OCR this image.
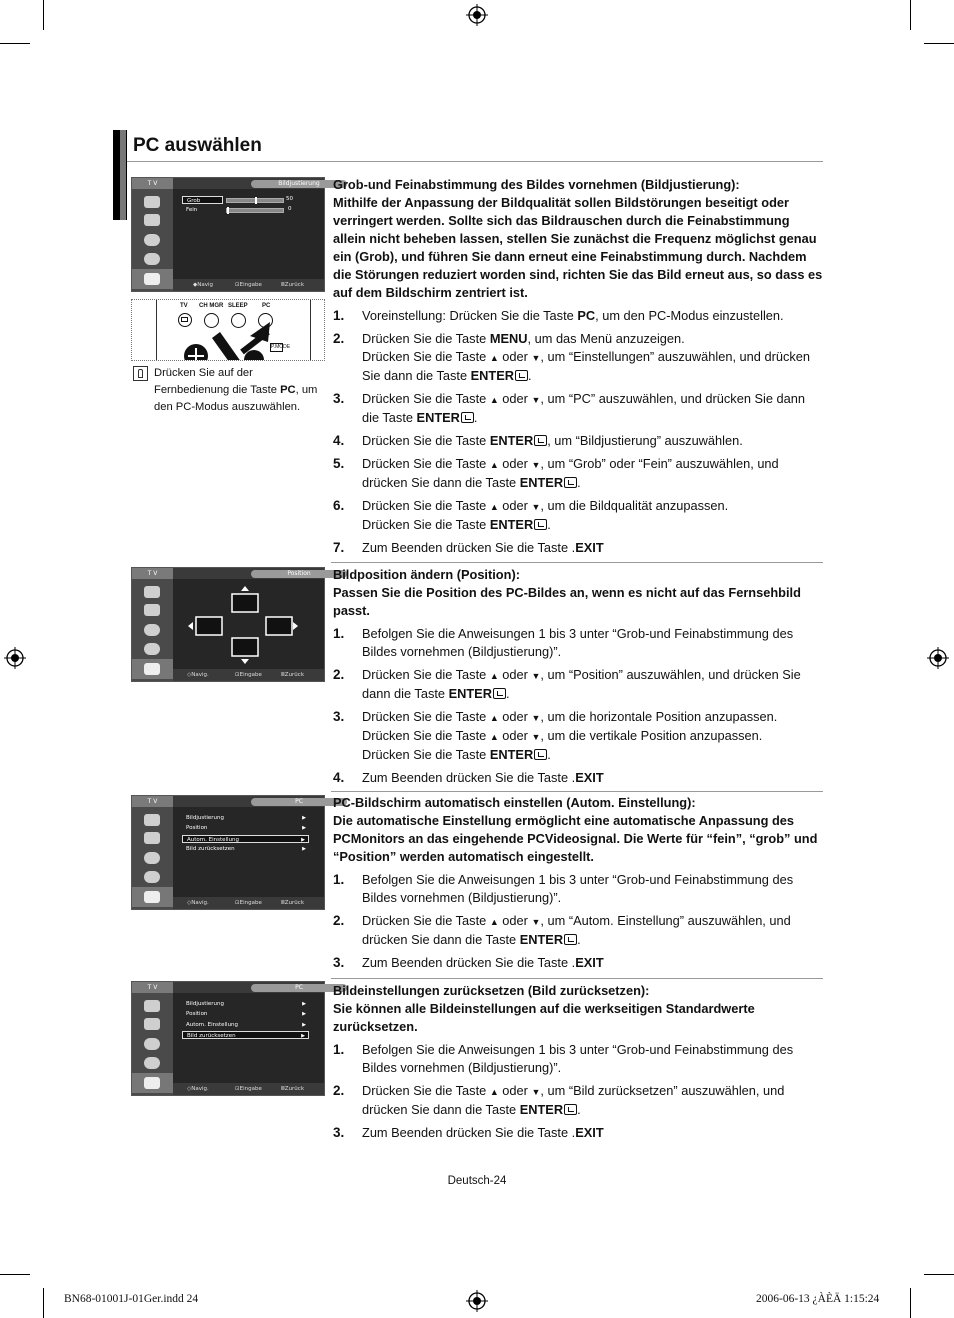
PC auswählen
T V	Bildjustierung
Grob	50
Fein	0
◆ Navig	⊡ Eingabe	Ⅲ Zurück
TV CH MGR SLEEP PC
P.MODE
Drücken Sie auf der Fernbedienung die Taste PC, um den PC-Modus auszuwählen.
T V	Position
◇ Navig.	⊡ Eingabe	Ⅲ Zurück
T V	PC
Bildjustierung	▶
Position	▶
Autom. Einstellung	▶
Bild zurücksetzen	▶
◇ Navig.	⊡ Eingabe	Ⅲ Zurück
T V	PC
Bildjustierung	▶
Position	▶
Autom. Einstellung	▶
Bild zurücksetzen	▶
◇ Navig.	⊡ Eingabe	Ⅲ Zurück
Grob-und Feinabstimmung des Bildes vornehmen (Bildjustierung):
Mithilfe der Anpassung der Bildqualität sollen Bildstörungen beseitigt oder verringert werden. Sollte sich das Bildrauschen durch die Feinabstimmung allein nicht beheben lassen, stellen Sie zunächst die Frequenz möglichst genau ein (Grob), und führen Sie dann erneut eine Feinabstimmung durch. Nachdem die Störungen reduziert worden sind, richten Sie das Bild erneut aus, so dass es auf dem Bildschirm zentriert ist.
1. Voreinstellung: Drücken Sie die Taste PC, um den PC-Modus einzustellen.
2. Drücken Sie die Taste MENU, um das Menü anzuzeigen.
Drücken Sie die Taste ▲ oder ▼, um “Einstellungen” auszuwählen, und drücken Sie dann die Taste ENTER .
3. Drücken Sie die Taste ▲ oder ▼, um “PC” auszuwählen, und drücken Sie dann die Taste ENTER .
4. Drücken Sie die Taste ENTER , um “Bildjustierung” auszuwählen.
5. Drücken Sie die Taste ▲ oder ▼, um “Grob” oder “Fein” auszuwählen, und drücken Sie dann die Taste ENTER .
6. Drücken Sie die Taste ▲ oder ▼, um die Bildqualität anzupassen.
Drücken Sie die Taste ENTER .
7. Zum Beenden drücken Sie die Taste .EXIT
Bildposition ändern (Position):
Passen Sie die Position des PC-Bildes an, wenn es nicht auf das Fernsehbild passt.
1. Befolgen Sie die Anweisungen 1 bis 3 unter “Grob-und Feinabstimmung des Bildes vornehmen (Bildjustierung)”.
2. Drücken Sie die Taste ▲ oder ▼, um “Position” auszuwählen, und drücken Sie dann die Taste ENTER .
3. Drücken Sie die Taste ▲ oder ▼, um die horizontale Position anzupassen.
Drücken Sie die Taste ▲ oder ▼, um die vertikale Position anzupassen.
Drücken Sie die Taste ENTER .
4. Zum Beenden drücken Sie die Taste .EXIT
PC-Bildschirm automatisch einstellen (Autom. Einstellung):
Die automatische Einstellung ermöglicht eine automatische Anpassung des PCMonitors an das eingehende PCVideosignal. Die Werte für “fein”, “grob” und “Position” werden automatisch eingestellt.
1. Befolgen Sie die Anweisungen 1 bis 3 unter “Grob-und Feinabstimmung des Bildes vornehmen (Bildjustierung)”.
2. Drücken Sie die Taste ▲ oder ▼, um “Autom. Einstellung” auszuwählen, und drücken Sie dann die Taste ENTER .
3. Zum Beenden drücken Sie die Taste .EXIT
Bildeinstellungen zurücksetzen (Bild zurücksetzen):
Sie können alle Bildeinstellungen auf die werkseitigen Standardwerte zurücksetzen.
1. Befolgen Sie die Anweisungen 1 bis 3 unter “Grob-und Feinabstimmung des Bildes vornehmen (Bildjustierung)”.
2. Drücken Sie die Taste ▲ oder ▼, um “Bild zurücksetzen” auszuwählen, und drücken Sie dann die Taste ENTER .
3. Zum Beenden drücken Sie die Taste .EXIT
Deutsch-24
BN68-01001J-01Ger.indd 24	2006-06-13 ¿ÀÈÄ 1:15:24
